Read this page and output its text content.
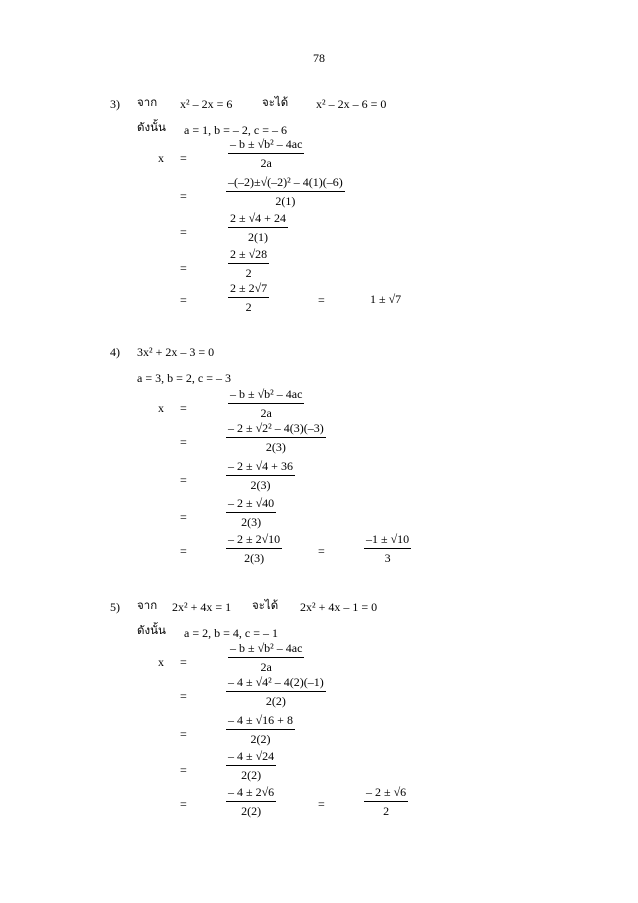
78
3) จาก x² – 2x = 6	จะได้ x² – 2x – 6 = 0
ดังนั้น a = 1, b = – 2, c = – 6
x =	$\frac{\text{– b ± √b² – 4ac}}{2a}$
=	$\frac{\text{–(–2)±√(–2)² – 4(1)(–6)}}{2(1)}$
=	$\frac{2 \pm √4 + 24}{2(1)}$
=	$\frac{2 \pm √28}{2}$
=	$\frac{2 \pm 2√7}{2}$	=	1 ± √7
4) 3x² + 2x – 3 = 0
a = 3, b = 2, c = – 3
x =	$\frac{\text{– b ± √b² – 4ac}}{2a}$
=	$\frac{\text{– 2 ± √2² – 4(3)(–3)}}{2(3)}$
=	$\frac{- 2 \pm √4 + 36}{2(3)}$
=	$\frac{- 2 \pm √40}{2(3)}$
=	$\frac{- 2 \pm 2√10}{2(3)}$	=	$\frac{-1 \pm √10}{3}$
5) จาก 2x² + 4x = 1 จะได้ 2x² + 4x – 1 = 0
ดังนั้น a = 2, b = 4, c = – 1
x =	$\frac{\text{– b ± √b² – 4ac}}{2a}$
=	$\frac{\text{– 4 ± √4² – 4(2)(–1)}}{2(2)}$
=	$\frac{- 4 \pm √16 + 8}{2(2)}$
=	$\frac{- 4 \pm √24}{2(2)}$
=	$\frac{- 4 \pm 2√6}{2(2)}$	=	$\frac{- 2 \pm √6}{2}$
